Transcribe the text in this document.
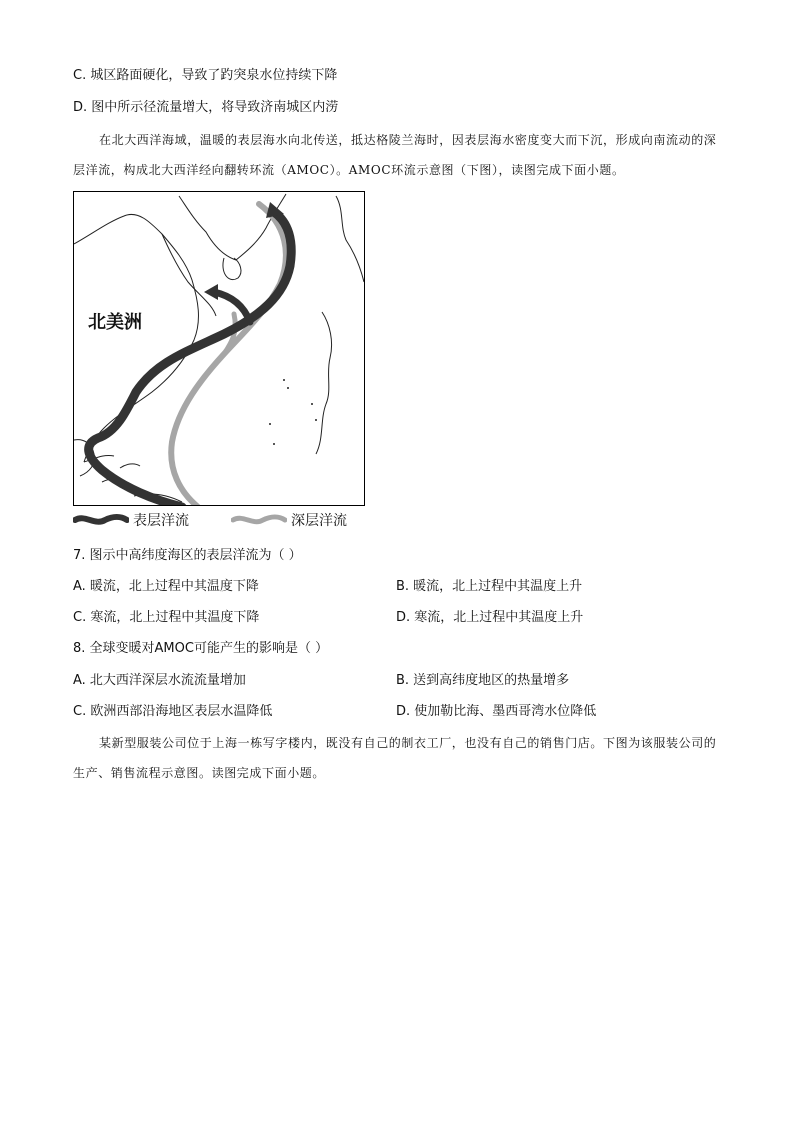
C. 城区路面硬化，导致了趵突泉水位持续下降
D. 图中所示径流量增大，将导致济南城区内涝
在北大西洋海域，温暖的表层海水向北传送，抵达格陵兰海时，因表层海水密度变大而下沉，形成向南流动的深层洋流，构成北大西洋经向翻转环流（AMOC）。AMOC环流示意图（下图），读图完成下面小题。
北美洲
表层洋流	深层洋流
7. 图示中高纬度海区的表层洋流为（ ）
A. 暖流，北上过程中其温度下降	B. 暖流，北上过程中其温度上升
C. 寒流，北上过程中其温度下降	D. 寒流，北上过程中其温度上升
8. 全球变暖对AMOC可能产生的影响是（ ）
A. 北大西洋深层水流流量增加	B. 送到高纬度地区的热量增多
C. 欧洲西部沿海地区表层水温降低	D. 使加勒比海、墨西哥湾水位降低
某新型服装公司位于上海一栋写字楼内，既没有自己的制衣工厂，也没有自己的销售门店。下图为该服装公司的生产、销售流程示意图。读图完成下面小题。
